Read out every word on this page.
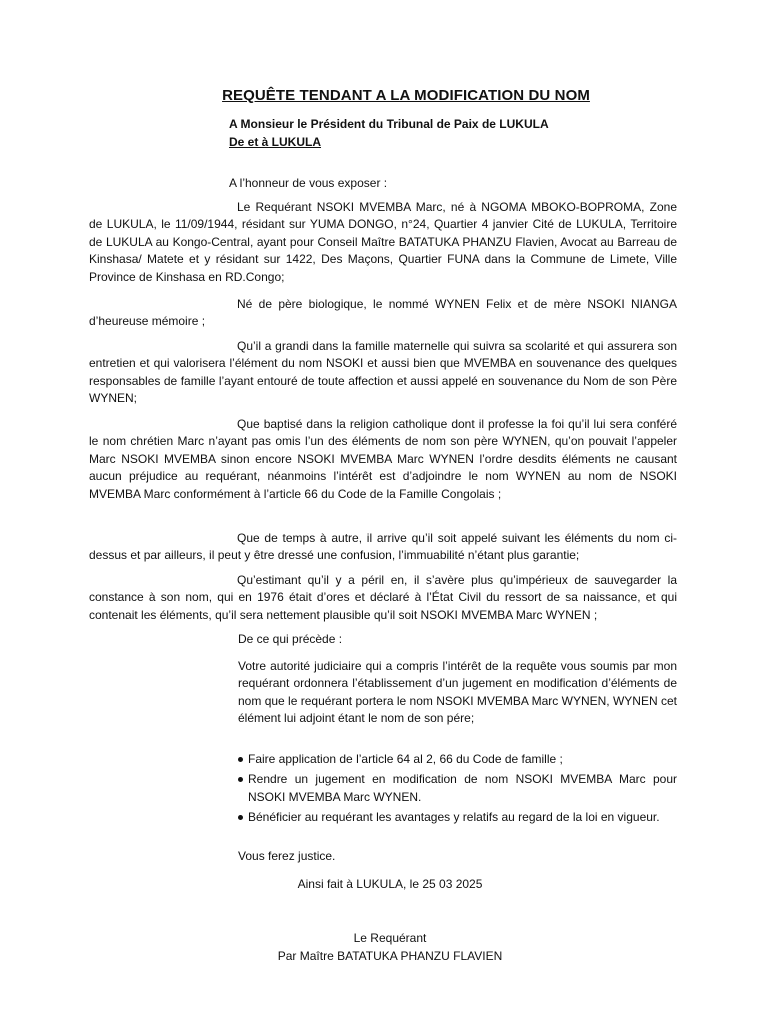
REQUÊTE TENDANT A LA MODIFICATION DU NOM
A Monsieur le Président du Tribunal de Paix de LUKULA
De et à LUKULA
A l’honneur de vous exposer :

Le Requérant NSOKI MVEMBA Marc, né à NGOMA MBOKO-BOPROMA, Zone de LUKULA, le 11/09/1944, résidant sur YUMA DONGO, n°24, Quartier 4 janvier Cité de LUKULA, Territoire de LUKULA au Kongo-Central, ayant pour Conseil Maître BATATUKA PHANZU Flavien, Avocat au Barreau de Kinshasa/ Matete et y résidant sur 1422, Des Maçons, Quartier FUNA dans la Commune de Limete, Ville Province de Kinshasa en RD.Congo;

Né de père biologique, le nommé WYNEN Felix et de mère NSOKI NIANGA d’heureuse mémoire ;

Qu’il a grandi dans la famille maternelle qui suivra sa scolarité et qui assurera son entretien et qui valorisera l’élément du nom NSOKI et aussi bien que MVEMBA en souvenance des quelques responsables de famille l’ayant entouré de toute affection et aussi appelé en souvenance du Nom de son Père WYNEN;

Que baptisé dans la religion catholique dont il professe la foi qu’il lui sera conféré le nom chrétien Marc n’ayant pas omis l’un des éléments de nom son père WYNEN, qu’on pouvait l’appeler Marc NSOKI MVEMBA sinon encore NSOKI MVEMBA Marc WYNEN l’ordre desdits éléments ne causant aucun préjudice au requérant, néanmoins l’intérêt est d’adjoindre le nom WYNEN au nom de NSOKI MVEMBA Marc conformément à l’article 66 du Code de la Famille Congolais ;

Que de temps à autre, il arrive qu’il soit appelé suivant les éléments du nom ci-dessus et par ailleurs, il peut y être dressé une confusion, l’immuabilité n’étant plus garantie;

Qu’estimant qu’il y a péril en, il s’avère plus qu’impérieux de sauvegarder la constance à son nom, qui en 1976 était d’ores et déclaré à l’État Civil du ressort de sa naissance, et qui contenait les éléments, qu’il sera nettement plausible qu’il soit NSOKI MVEMBA Marc WYNEN ;

De ce qui précède :
Votre autorité judiciaire qui a compris l’intérêt de la requête vous soumis par mon requérant ordonnera l’établissement d’un jugement en modification d’éléments de nom que le requérant portera le nom NSOKI MVEMBA Marc WYNEN, WYNEN cet élément lui adjoint étant le nom de son pére;
Faire application de l’article 64 al 2, 66 du Code de famille ;
Rendre un jugement en modification de nom NSOKI MVEMBA Marc pour NSOKI MVEMBA Marc WYNEN.
Bénéficier au requérant les avantages y relatifs au regard de la loi en vigueur.
Vous ferez justice.
Ainsi fait à LUKULA, le 25 03 2025
Le Requérant
Par Maître BATATUKA PHANZU FLAVIEN
